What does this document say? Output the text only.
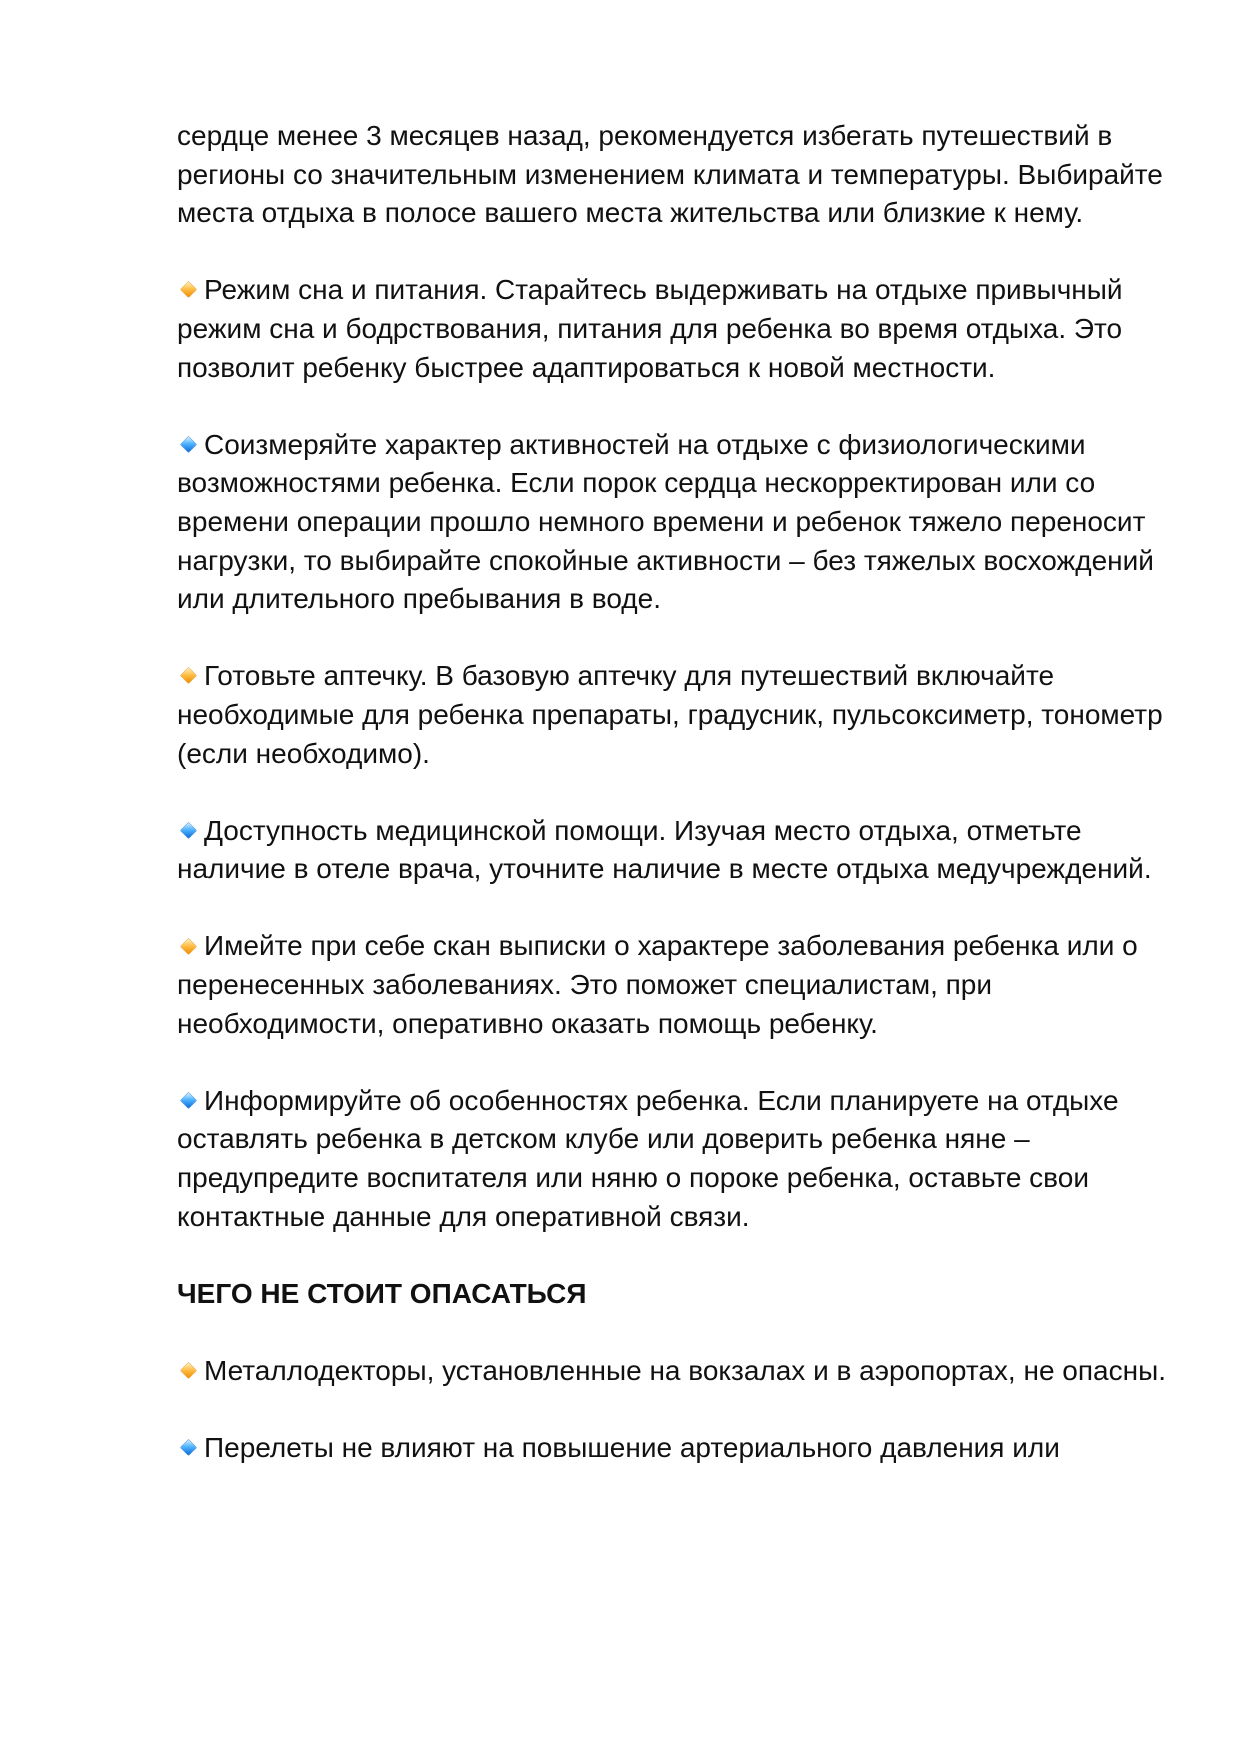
сердце менее 3 месяцев назад, рекомендуется избегать путешествий в регионы со значительным изменением климата и температуры. Выбирайте места отдыха в полосе вашего места жительства или близкие к нему.

Режим сна и питания. Старайтесь выдерживать на отдыхе привычный режим сна и бодрствования, питания для ребенка во время отдыха. Это позволит ребенку быстрее адаптироваться к новой местности.

Соизмеряйте характер активностей на отдыхе с физиологическими возможностями ребенка. Если порок сердца нескорректирован или со времени операции прошло немного времени и ребенок тяжело переносит нагрузки, то выбирайте спокойные активности – без тяжелых восхождений или длительного пребывания в воде.

Готовьте аптечку. В базовую аптечку для путешествий включайте необходимые для ребенка препараты, градусник, пульсоксиметр, тонометр (если необходимо).

Доступность медицинской помощи. Изучая место отдыха, отметьте наличие в отеле врача, уточните наличие в месте отдыха медучреждений.

Имейте при себе скан выписки о характере заболевания ребенка или о перенесенных заболеваниях. Это поможет специалистам, при необходимости, оперативно оказать помощь ребенку.

Информируйте об особенностях ребенка. Если планируете на отдыхе оставлять ребенка в детском клубе или доверить ребенка няне – предупредите воспитателя или няню о пороке ребенка, оставьте свои контактные данные для оперативной связи.

ЧЕГО НЕ СТОИТ ОПАСАТЬСЯ

Металлодекторы, установленные на вокзалах и в аэропортах, не опасны.

Перелеты не влияют на повышение артериального давления или
